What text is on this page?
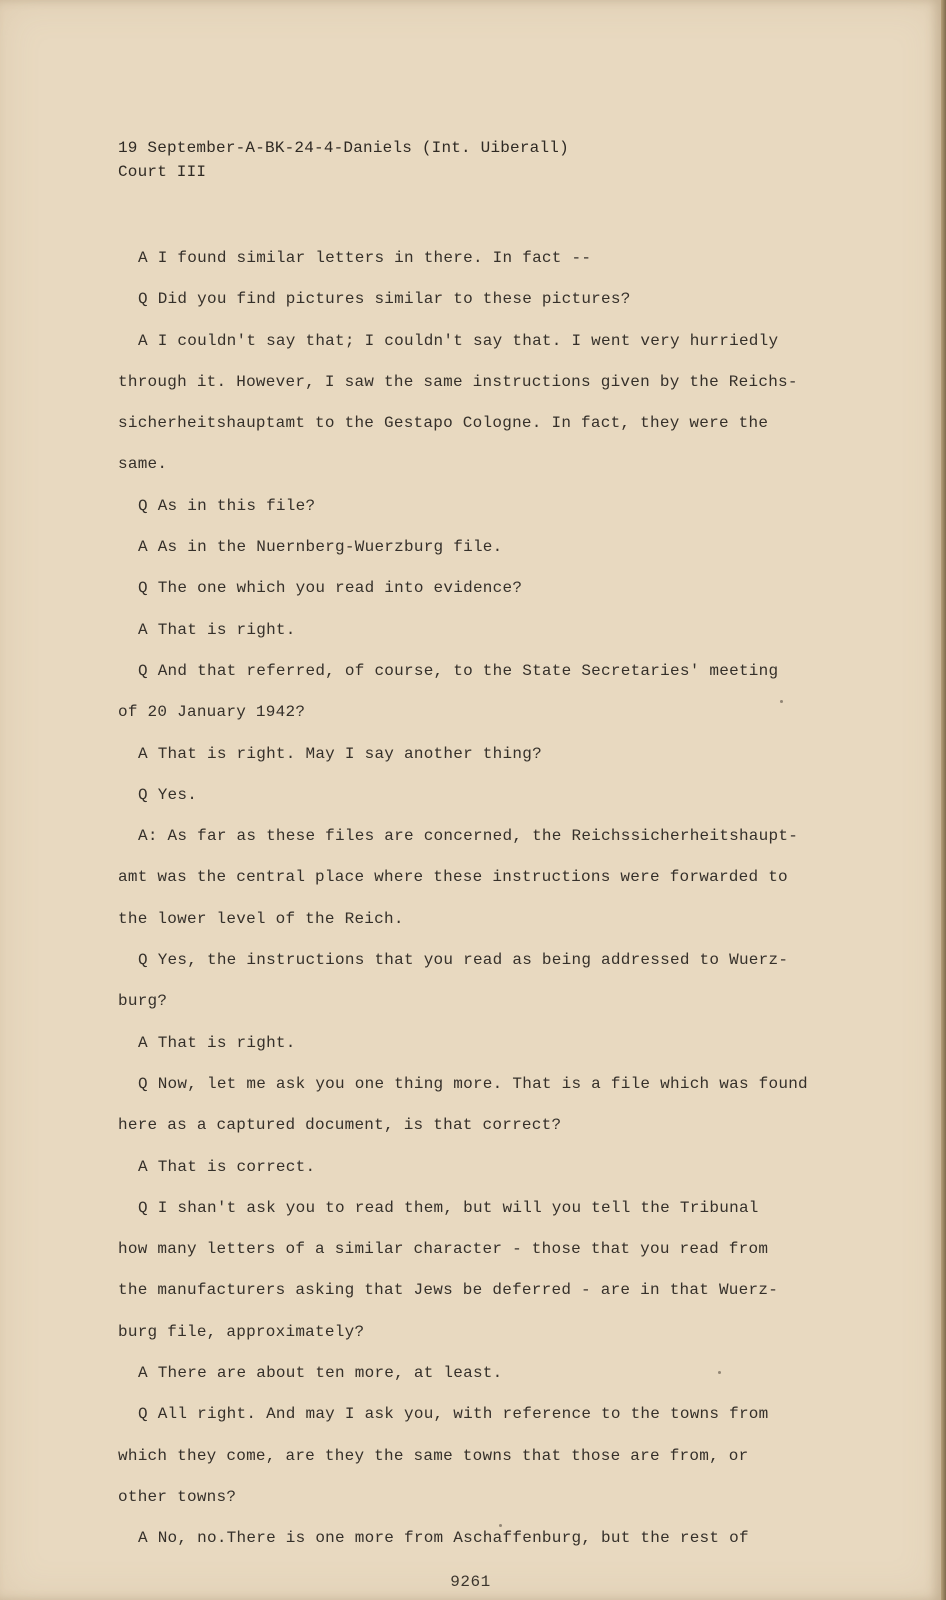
19 September-A-BK-24-4-Daniels (Int. Uiberall)
Court III

A I found similar letters in there. In fact --

Q Did you find pictures similar to these pictures?

A I couldn't say that; I couldn't say that. I went very hurriedly
through it. However, I saw the same instructions given by the Reichs-
sicherheitshauptamt to the Gestapo Cologne. In fact, they were the
same.

Q As in this file?

A As in the Nuernberg-Wuerzburg file.

Q The one which you read into evidence?

A That is right.

Q And that referred, of course, to the State Secretaries' meeting
of 20 January 1942?

A That is right. May I say another thing?

Q Yes.

A: As far as these files are concerned, the Reichssicherheitshaupt-
amt was the central place where these instructions were forwarded to
the lower level of the Reich.

Q Yes, the instructions that you read as being addressed to Wuerz-
burg?

A That is right.

Q Now, let me ask you one thing more. That is a file which was found
here as a captured document, is that correct?

A That is correct.

Q I shan't ask you to read them, but will you tell the Tribunal
how many letters of a similar character - those that you read from
the manufacturers asking that Jews be deferred - are in that Wuerz-
burg file, approximately?

A There are about ten more, at least.

Q All right. And may I ask you, with reference to the towns from
which they come, are they the same towns that those are from, or
other towns?

A No, no.There is one more from Aschaffenburg, but the rest of

9261
